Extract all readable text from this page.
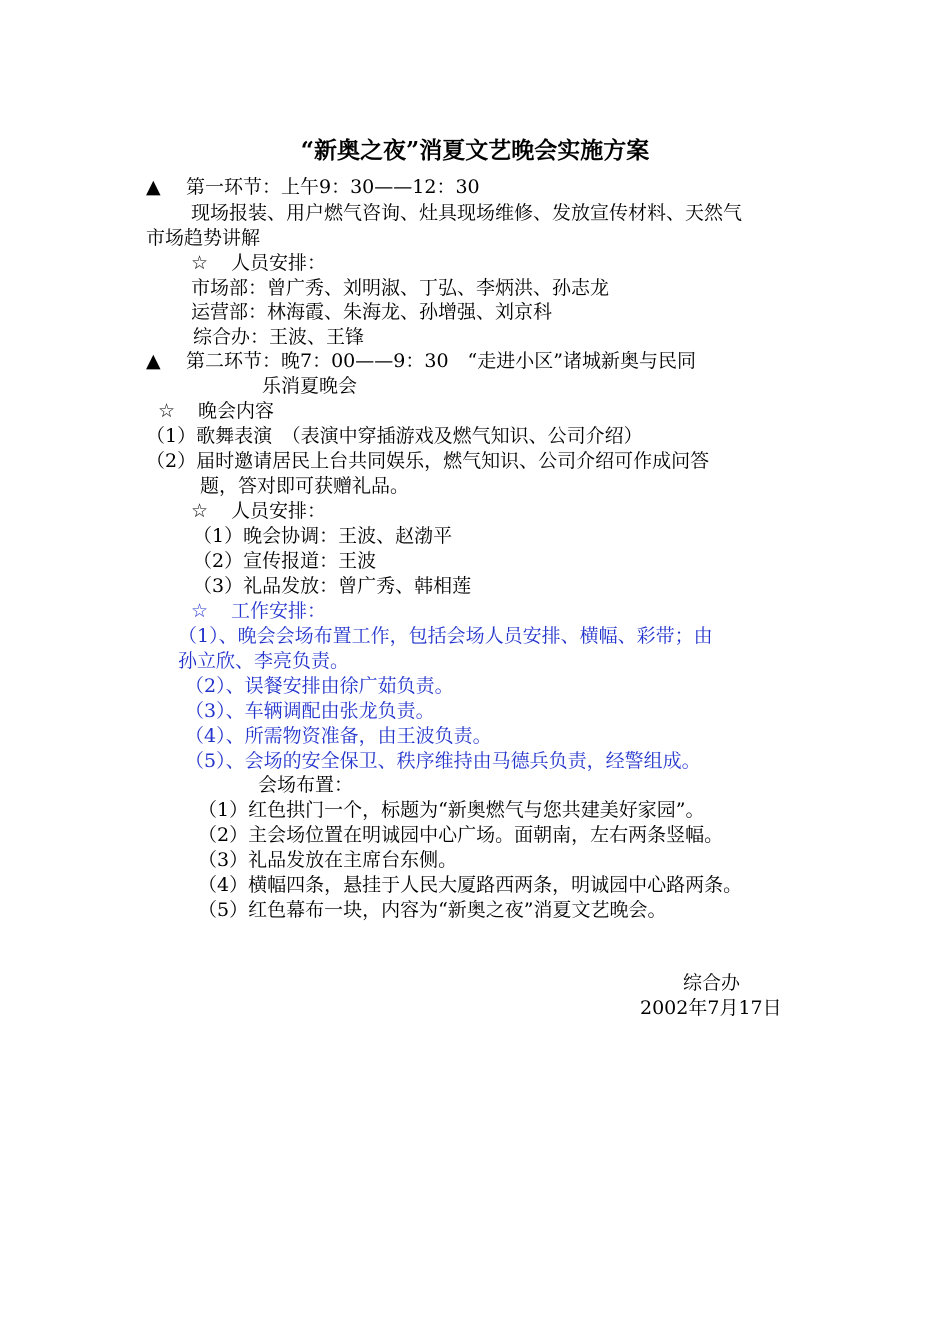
“新奥之夜”消夏文艺晚会实施方案
▲ 第一环节：上午9：30——12：30
现场报装、用户燃气咨询、灶具现场维修、发放宣传材料、天然气
市场趋势讲解
☆ 人员安排：
市场部：曾广秀、刘明淑、丁弘、李炳洪、孙志龙
运营部：林海霞、朱海龙、孙增强、刘京科
综合办：王波、王锋
▲ 第二环节：晚7：00——9：30　“走进小区”诸城新奥与民同
乐消夏晚会
☆ 晚会内容
（1）歌舞表演　（表演中穿插游戏及燃气知识、公司介绍）
（2）届时邀请居民上台共同娱乐，燃气知识、公司介绍可作成问答
题，答对即可获赠礼品。
☆ 人员安排：
（1）晚会协调：王波、赵渤平
（2）宣传报道：王波
（3）礼品发放：曾广秀、韩相莲
☆ 工作安排：
（1）、晚会会场布置工作，包括会场人员安排、横幅、彩带；由
孙立欣、李亮负责。
（2）、误餐安排由徐广茹负责。
（3）、车辆调配由张龙负责。
（4）、所需物资准备，由王波负责。
（5）、会场的安全保卫、秩序维持由马德兵负责，经警组成。
会场布置：
（1）红色拱门一个，标题为“新奥燃气与您共建美好家园”。
（2）主会场位置在明诚园中心广场。面朝南，左右两条竖幅。
（3）礼品发放在主席台东侧。
（4）横幅四条，悬挂于人民大厦路西两条，明诚园中心路两条。
（5）红色幕布一块，内容为“新奥之夜”消夏文艺晚会。
综合办
2002年7月17日
